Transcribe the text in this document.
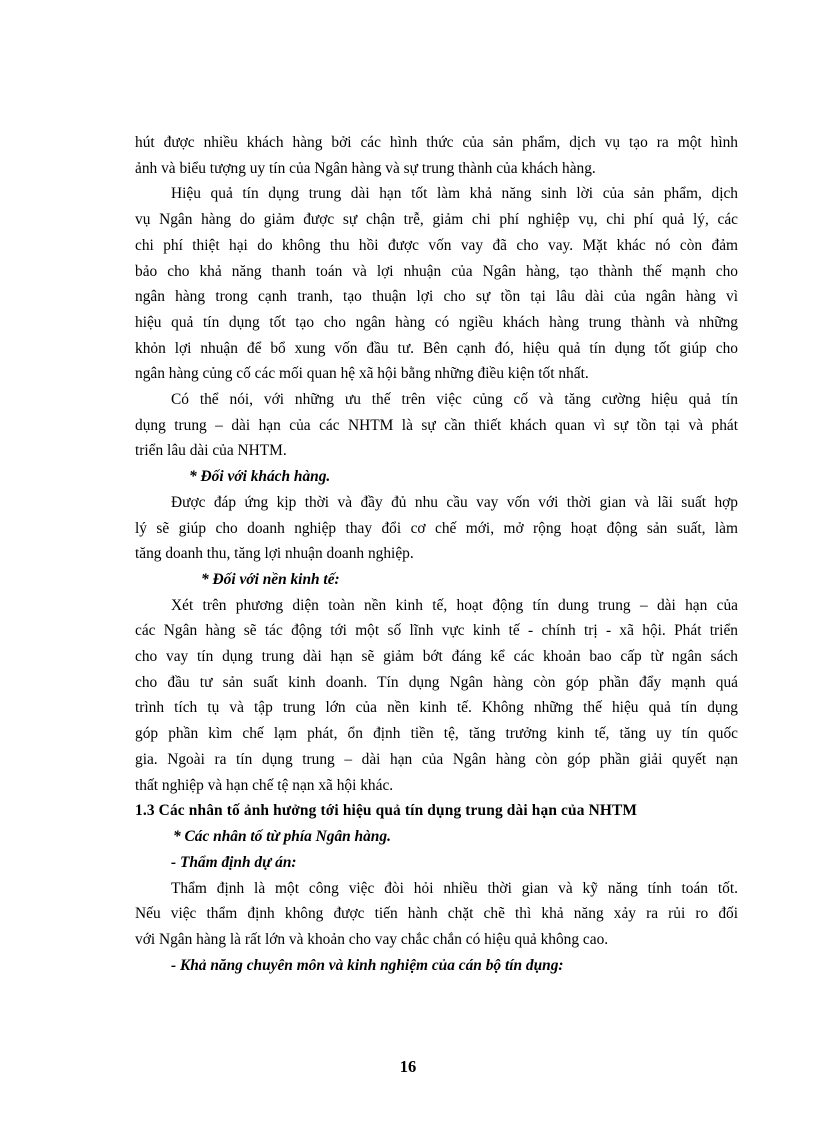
hút được nhiều khách hàng bởi các hình thức của sản phẩm, dịch vụ tạo ra một hình
ảnh và biểu tượng uy tín của Ngân hàng và sự trung thành của khách hàng.

Hiệu quả tín dụng trung dài hạn tốt làm khả năng sinh lời của sản phẩm, dịch
vụ Ngân hàng do giảm được sự chận trễ, giảm chi phí nghiệp vụ, chi phí quả lý, các
chi phí thiệt hại do không thu hồi được vốn vay đã cho vay. Mặt khác nó còn đảm
bảo cho khả năng thanh toán và lợi nhuận của Ngân hàng, tạo thành thế mạnh cho
ngân hàng trong cạnh tranh, tạo thuận lợi cho sự tồn tại lâu dài của ngân hàng vì
hiệu quả tín dụng tốt tạo cho ngân hàng có ngiều khách hàng trung thành và những
khỏn lợi nhuận để bổ xung vốn đầu tư. Bên cạnh đó, hiệu quả tín dụng tốt giúp cho
ngân hàng củng cố các mối quan hệ xã hội bằng những điều kiện tốt nhất.

Có thể nói, với những ưu thế trên việc củng cố và tăng cường hiệu quả tín
dụng trung – dài hạn của các NHTM là sự cần thiết khách quan vì sự tồn tại và phát
triển lâu dài của NHTM.

* Đối với khách hàng.

Được đáp ứng kịp thời và đầy đủ nhu cầu vay vốn với thời gian và lãi suất hợp
lý sẽ giúp cho doanh nghiệp thay đổi cơ chế mới, mở rộng hoạt động sản suất, làm
tăng doanh thu, tăng lợi nhuận doanh nghiệp.

* Đối với nền kinh tế:

Xét trên phương diện toàn nền kinh tế, hoạt động tín dung trung – dài hạn của
các Ngân hàng sẽ tác động tới một số lĩnh vực kinh tế - chính trị - xã hội. Phát triển
cho vay tín dụng trung dài hạn sẽ giảm bớt đáng kể các khoản bao cấp từ ngân sách
cho đầu tư sản suất kinh doanh. Tín dụng Ngân hàng còn góp phần đẩy mạnh quá
trình tích tụ và tập trung lớn của nền kinh tế. Không những thế hiệu quả tín dụng
góp phần kìm chế lạm phát, ổn định tiền tệ, tăng trưởng kinh tế, tăng uy tín quốc
gia. Ngoài ra tín dụng trung – dài hạn của Ngân hàng còn góp phần giải quyết nạn
thất nghiệp và hạn chế tệ nạn xã hội khác.

1.3 Các nhân tố ảnh hưởng tới hiệu quả tín dụng trung dài hạn của NHTM
* Các nhân tố từ phía Ngân hàng.
- Thẩm định dự án:

Thẩm định là một công việc đòi hỏi nhiều thời gian và kỹ năng tính toán tốt.
Nếu việc thẩm định không được tiến hành chặt chẽ thì khả năng xảy ra rủi ro đối
với Ngân hàng là rất lớn và khoản cho vay chắc chắn có hiệu quả không cao.

- Khả năng chuyên môn và kinh nghiệm của cán bộ tín dụng:
16
